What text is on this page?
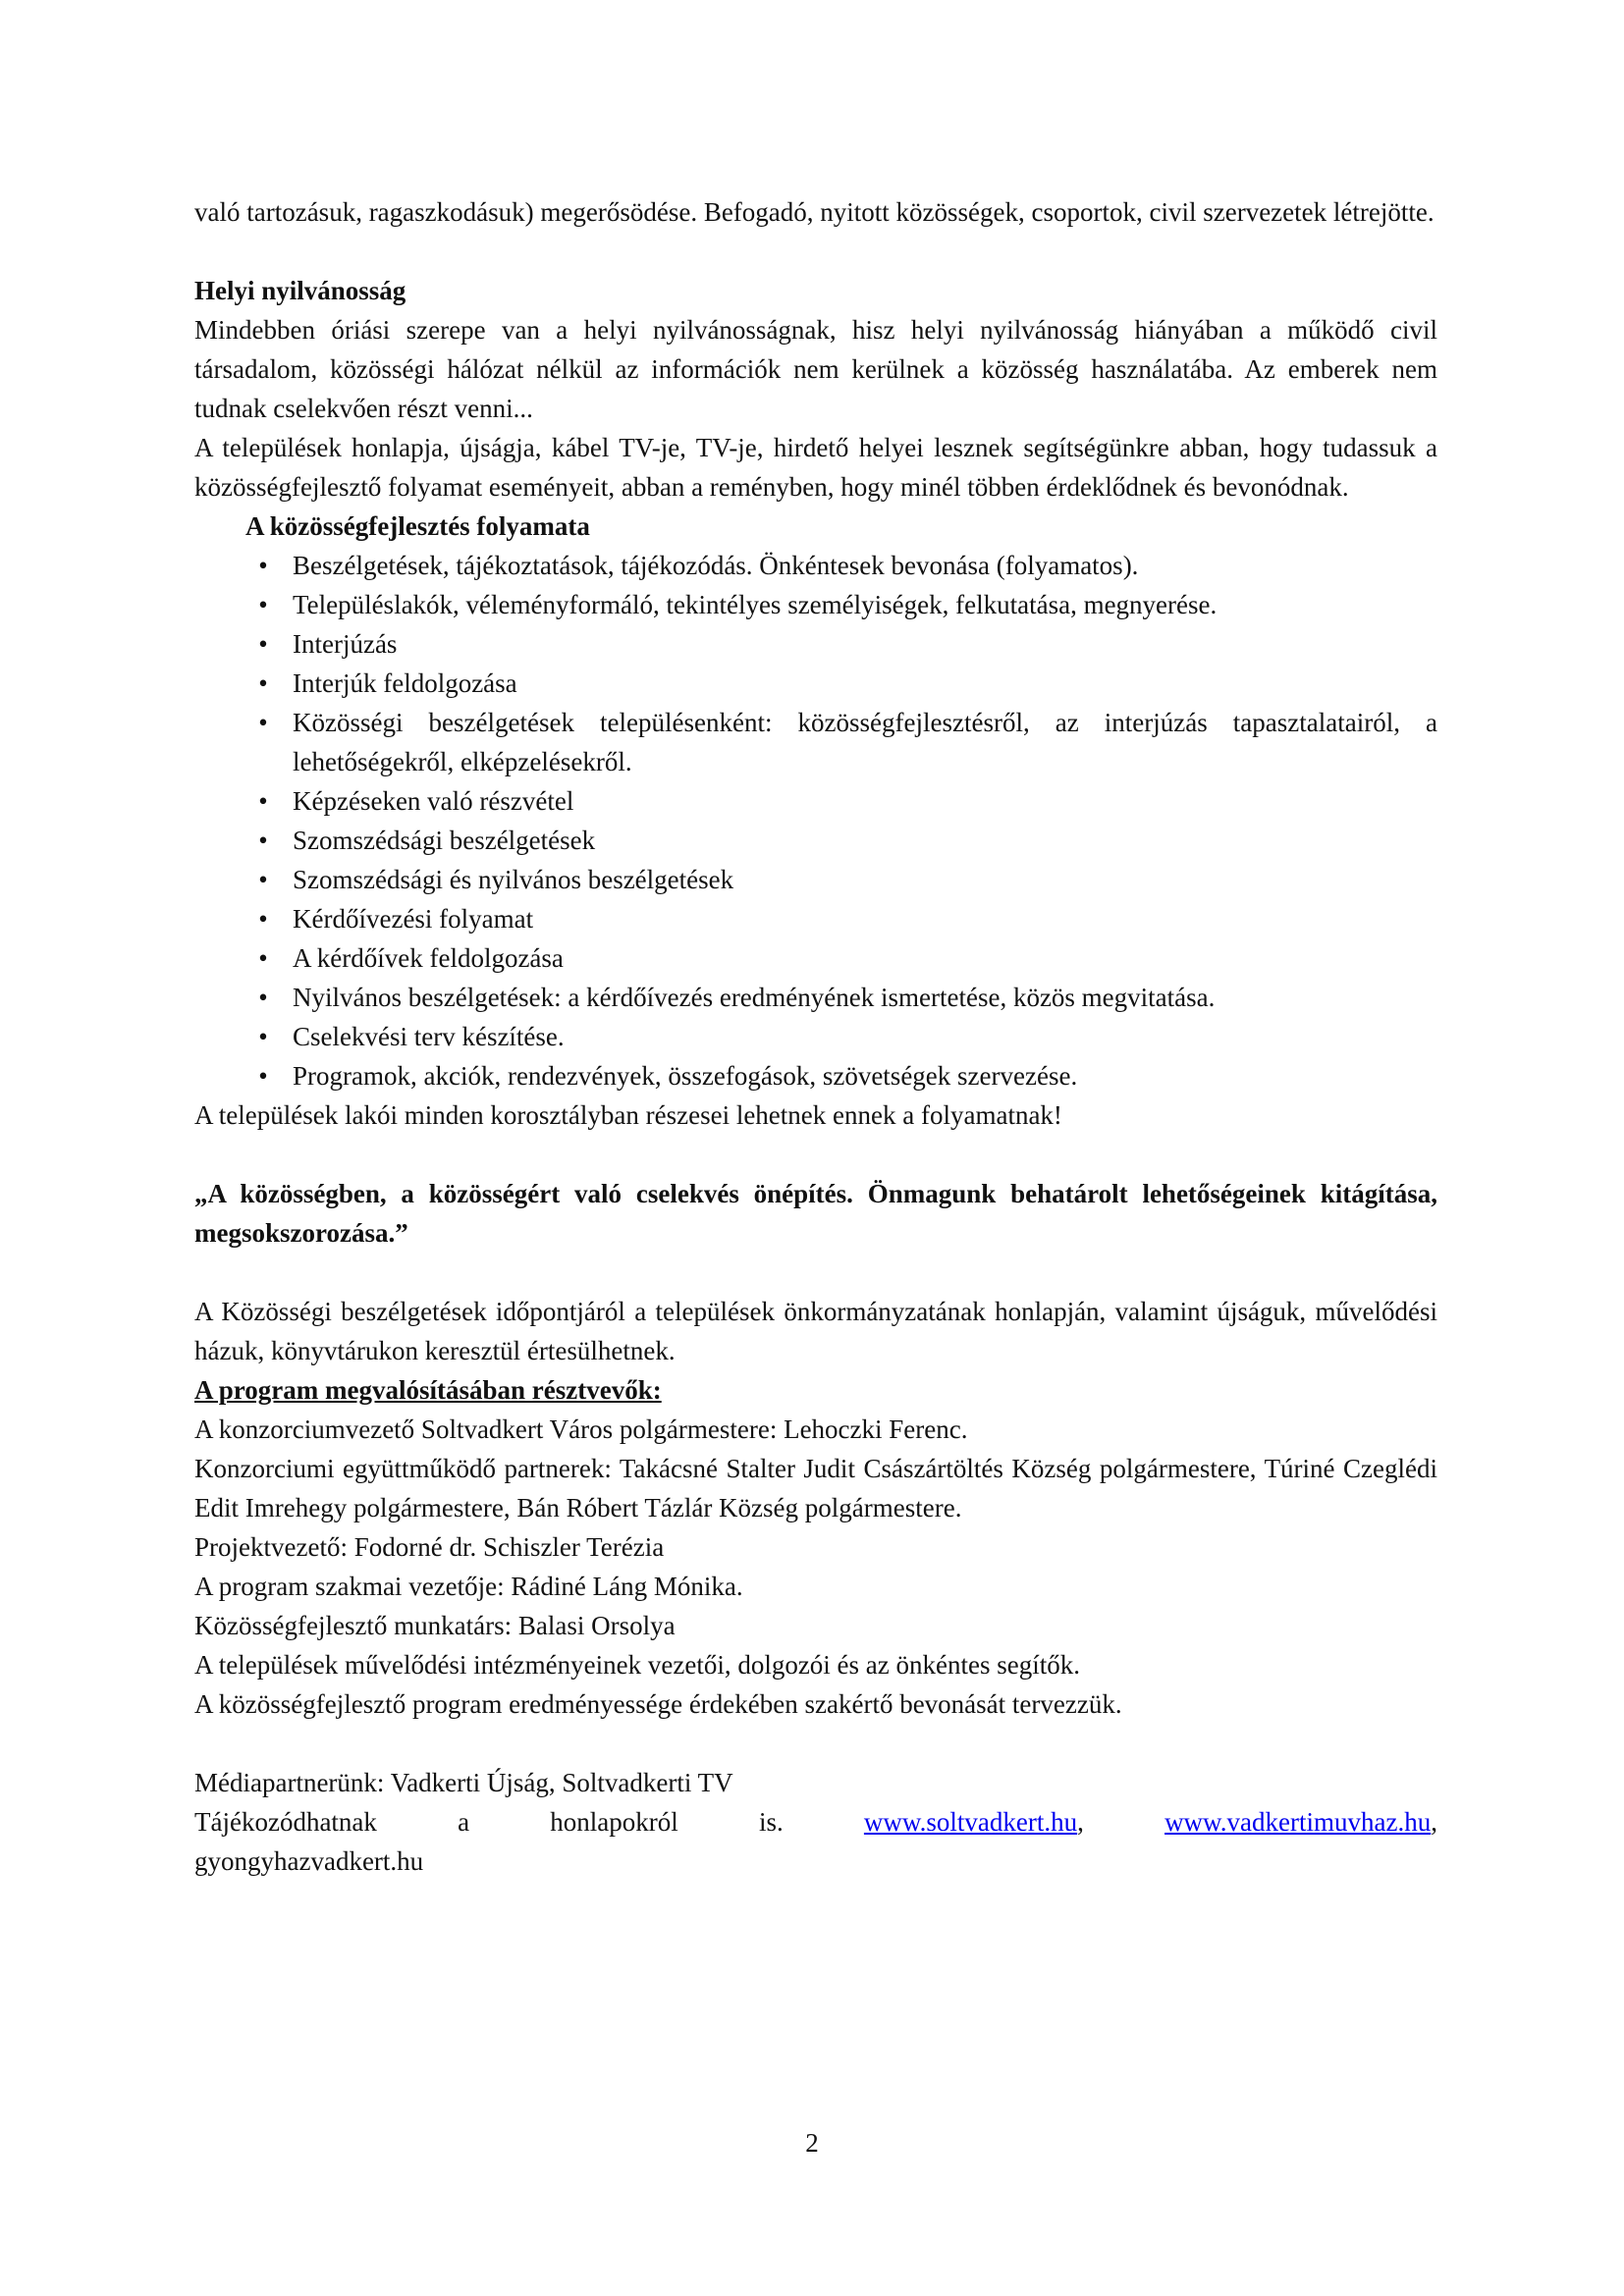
való tartozásuk, ragaszkodásuk) megerősödése. Befogadó, nyitott közösségek, csoportok, civil szervezetek létrejötte.

Helyi nyilvánosság

Mindebben óriási szerepe van a helyi nyilvánosságnak, hisz helyi nyilvánosság hiányában a működő civil társadalom, közösségi hálózat nélkül az információk nem kerülnek a közösség használatába. Az emberek nem tudnak cselekvően részt venni...

A települések honlapja, újságja, kábel TV-je, TV-je, hirdető helyei lesznek segítségünkre abban, hogy tudassuk a közösségfejlesztő folyamat eseményeit, abban a reményben, hogy minél többen érdeklődnek és bevonódnak.

A közösségfejlesztés folyamata

• Beszélgetések, tájékoztatások, tájékozódás. Önkéntesek bevonása (folyamatos).
• Településlakók, véleményformáló, tekintélyes személyiségek, felkutatása, megnyerése.
• Interjúzás
• Interjúk feldolgozása
• Közösségi beszélgetések településenként: közösségfejlesztésről, az interjúzás tapasztalatairól, a lehetőségekről, elképzelésekről.
• Képzéseken való részvétel
• Szomszédsági beszélgetések
• Szomszédsági és nyilvános beszélgetések
• Kérdőívezési folyamat
• A kérdőívek feldolgozása
• Nyilvános beszélgetések: a kérdőívezés eredményének ismertetése, közös megvitatása.
• Cselekvési terv készítése.
• Programok, akciók, rendezvények, összefogások, szövetségek szervezése.

A települések lakói minden korosztályban részesei lehetnek ennek a folyamatnak!

„A közösségben, a közösségért való cselekvés önépítés. Önmagunk behatárolt lehetőségeinek kitágítása, megsokszorozása.”

A Közösségi beszélgetések időpontjáról a települések önkormányzatának honlapján, valamint újságuk, művelődési házuk, könyvtárukon keresztül értesülhetnek.

A program megvalósításában résztvevők:

A konzorciumvezető Soltvadkert Város polgármestere: Lehoczki Ferenc.

Konzorciumi együttműködő partnerek: Takácsné Stalter Judit Császártöltés Község polgármestere, Túriné Czeglédi Edit Imrehegy polgármestere, Bán Róbert Tázlár Község polgármestere.

Projektvezető: Fodorné dr. Schiszler Terézia

A program szakmai vezetője: Rádiné Láng Mónika.

Közösségfejlesztő munkatárs: Balasi Orsolya

A települések művelődési intézményeinek vezetői, dolgozói és az önkéntes segítők.

A közösségfejlesztő program eredményessége érdekében szakértő bevonását tervezzük.

Médiapartnerünk: Vadkerti Újság, Soltvadkerti TV

Tájékozódhatnak	a	honlapokról	is.	www.soltvadkert.hu,	www.vadkertimuvhaz.hu,

gyongyhazvadkert.hu

2
